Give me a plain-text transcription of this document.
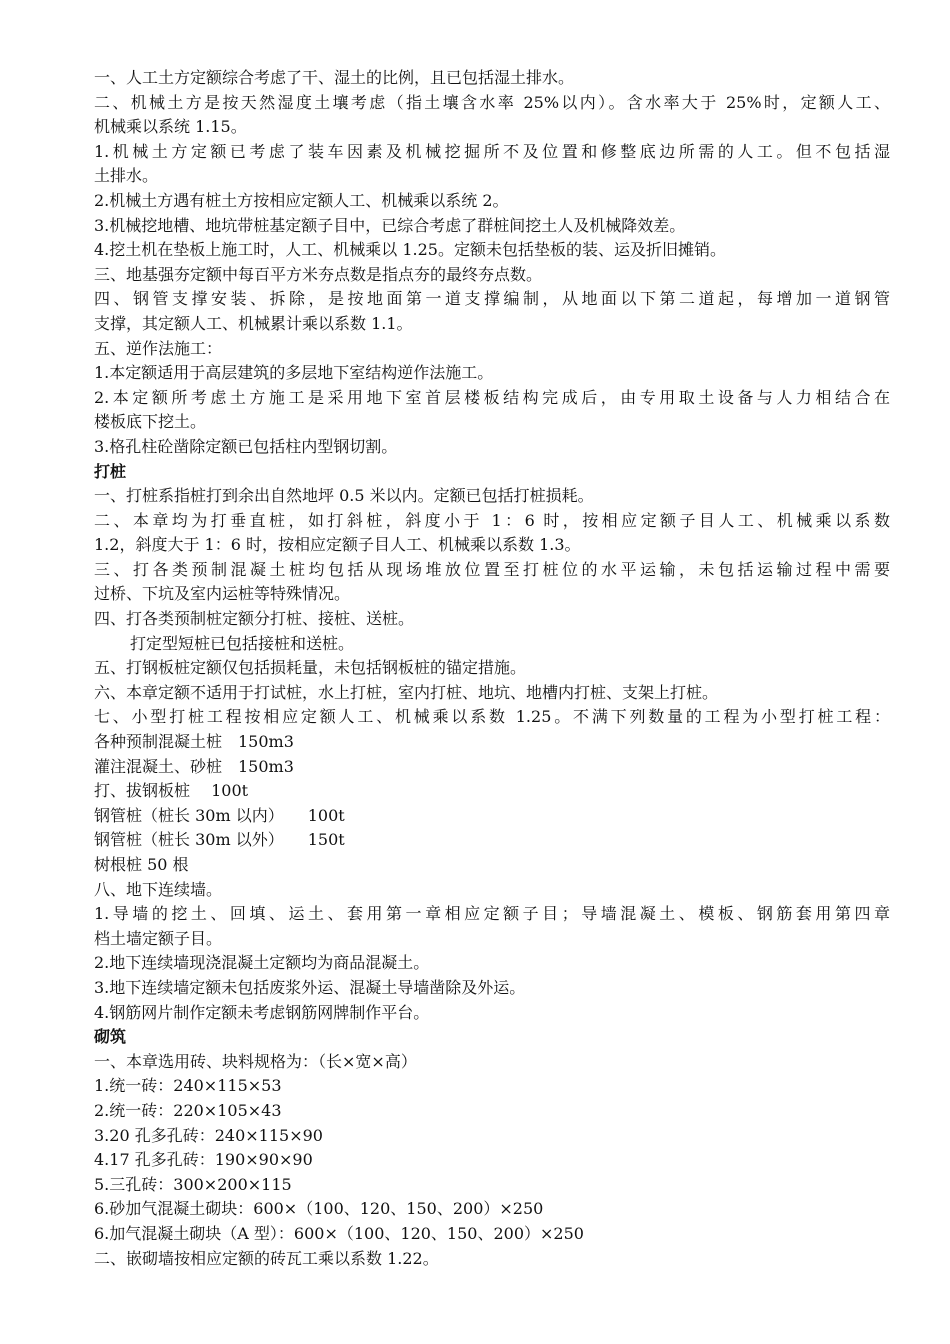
一、人工土方定额综合考虑了干、湿土的比例，且已包括湿土排水。
二、机械土方是按天然湿度土壤考虑（指土壤含水率 25%以内）。含水率大于 25%时，定额人工、
机械乘以系统 1.15。
1.机械土方定额已考虑了装车因素及机械挖掘所不及位置和修整底边所需的人工。但不包括湿
土排水。
2.机械土方遇有桩土方按相应定额人工、机械乘以系统 2。
3.机械挖地槽、地坑带桩基定额子目中，已综合考虑了群桩间挖土人及机械降效差。
4.挖土机在垫板上施工时，人工、机械乘以 1.25。定额未包括垫板的装、运及折旧摊销。
三、地基强夯定额中每百平方米夯点数是指点夯的最终夯点数。
四、钢管支撑安装、拆除，是按地面第一道支撑编制，从地面以下第二道起，每增加一道钢管
支撑，其定额人工、机械累计乘以系数 1.1。
五、逆作法施工：
1.本定额适用于高层建筑的多层地下室结构逆作法施工。
2.本定额所考虑土方施工是采用地下室首层楼板结构完成后，由专用取土设备与人力相结合在
楼板底下挖土。
3.格孔柱砼凿除定额已包括柱内型钢切割。
打桩
一、打桩系指桩打到余出自然地坪 0.5 米以内。定额已包括打桩损耗。
二、本章均为打垂直桩，如打斜桩，斜度小于 1：6 时，按相应定额子目人工、机械乘以系数
1.2，斜度大于 1：6 时，按相应定额子目人工、机械乘以系数 1.3。
三、打各类预制混凝土桩均包括从现场堆放位置至打桩位的水平运输，未包括运输过程中需要
过桥、下坑及室内运桩等特殊情况。
四、打各类预制桩定额分打桩、接桩、送桩。
打定型短桩已包括接桩和送桩。
五、打钢板桩定额仅包括损耗量，未包括钢板桩的锚定措施。
六、本章定额不适用于打试桩，水上打桩，室内打桩、地坑、地槽内打桩、支架上打桩。
七、小型打桩工程按相应定额人工、机械乘以系数 1.25。不满下列数量的工程为小型打桩工程：
各种预制混凝土桩　150m3
灌注混凝土、砂桩　150m3
打、拔钢板桩　 100t
钢管桩（桩长 30m 以内）　　100t
钢管桩（桩长 30m 以外）　　150t
树根桩 50 根
八、地下连续墙。
1.导墙的挖土、回填、运土、套用第一章相应定额子目；导墙混凝土、模板、钢筋套用第四章
档土墙定额子目。
2.地下连续墙现浇混凝土定额均为商品混凝土。
3.地下连续墙定额未包括废浆外运、混凝土导墙凿除及外运。
4.钢筋网片制作定额未考虑钢筋网牌制作平台。
砌筑
一、本章选用砖、块料规格为：（长×宽×高）
1.统一砖：240×115×53
2.统一砖：220×105×43
3.20 孔多孔砖：240×115×90
4.17 孔多孔砖：190×90×90
5.三孔砖：300×200×115
6.砂加气混凝土砌块：600×（100、120、150、200）×250
6.加气混凝土砌块（A 型）：600×（100、120、150、200）×250
二、嵌砌墙按相应定额的砖瓦工乘以系数 1.22。
